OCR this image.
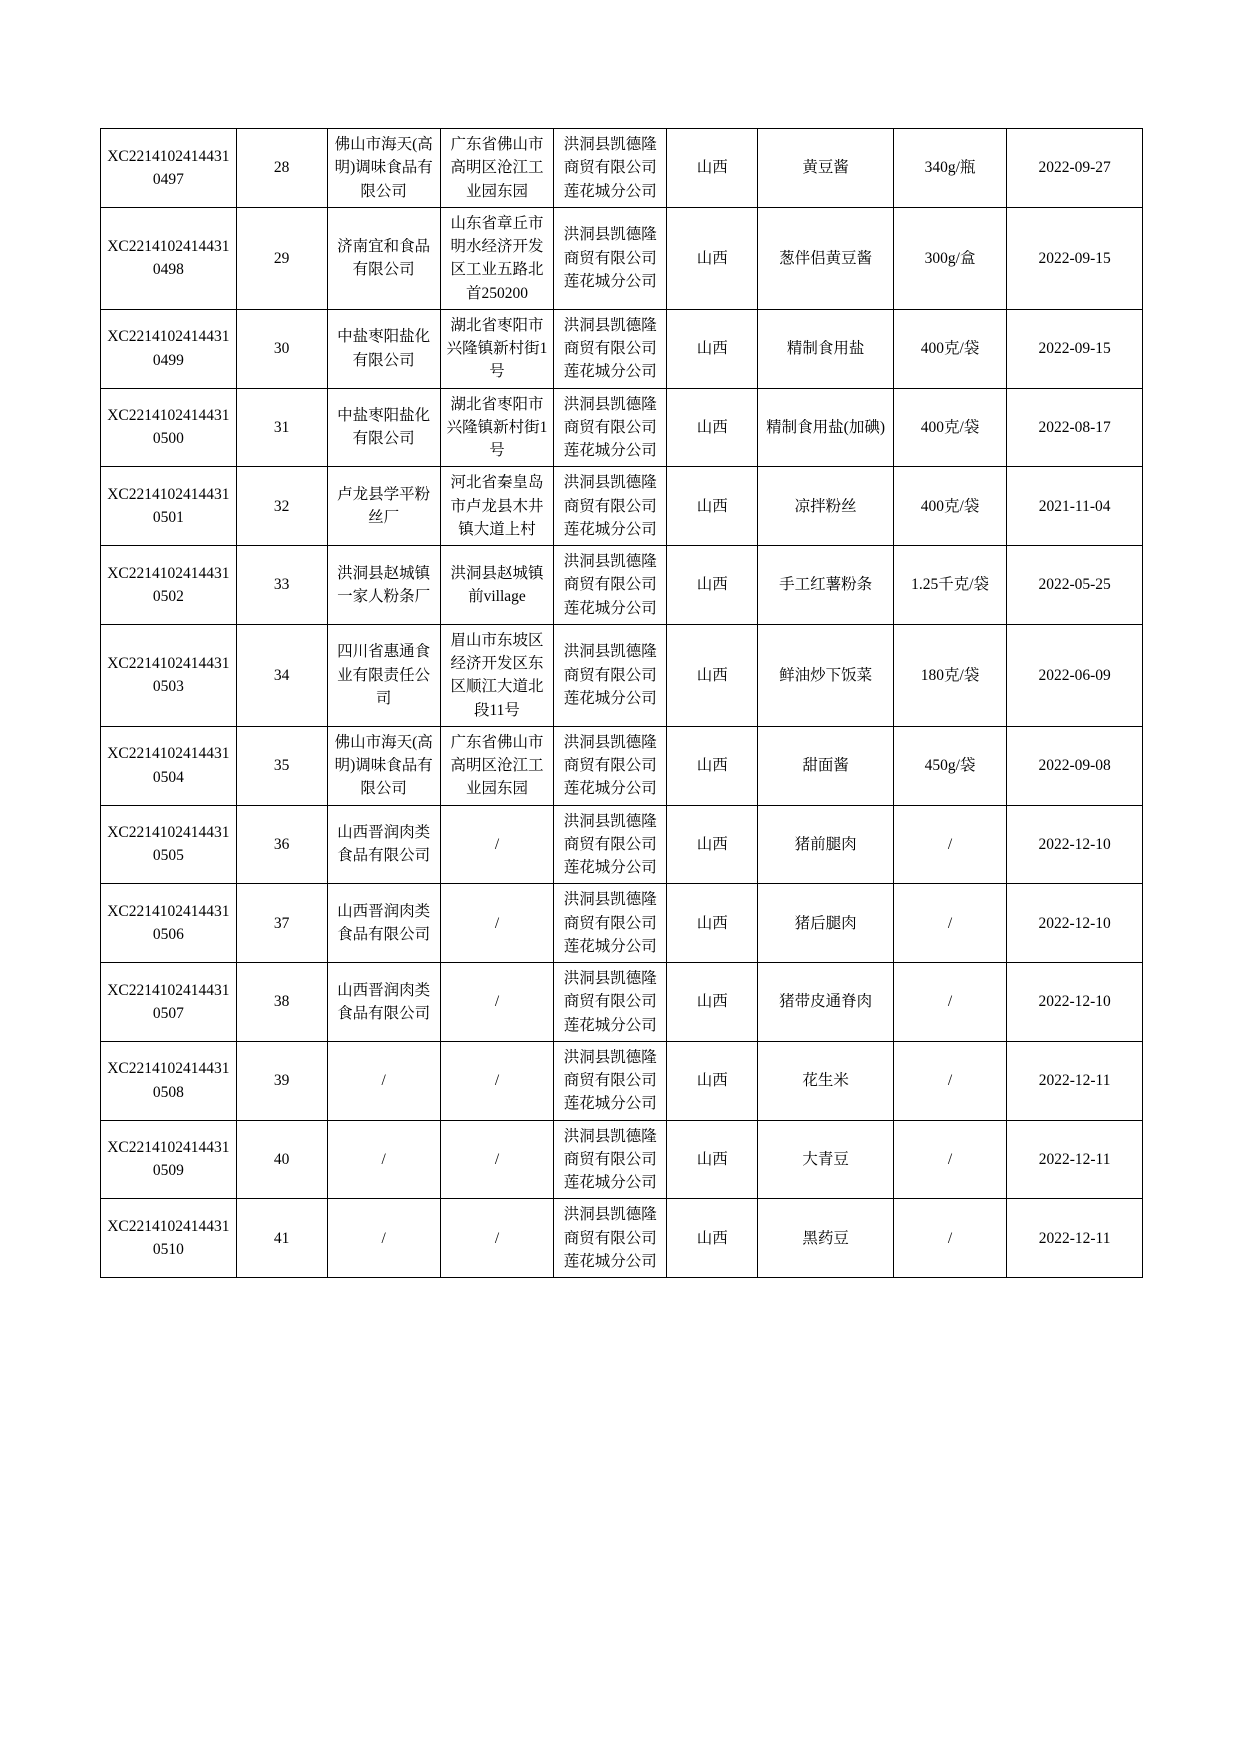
XC22141024144310497	28	佛山市海天(高明)调味食品有限公司	广东省佛山市高明区沧江工业园东园	洪洞县凯德隆商贸有限公司莲花城分公司	山西	黄豆酱	340g/瓶	2022-09-27
XC22141024144310498	29	济南宜和食品有限公司	山东省章丘市明水经济开发区工业五路北首250200	洪洞县凯德隆商贸有限公司莲花城分公司	山西	葱伴侣黄豆酱	300g/盒	2022-09-15
XC22141024144310499	30	中盐枣阳盐化有限公司	湖北省枣阳市兴隆镇新村街1号	洪洞县凯德隆商贸有限公司莲花城分公司	山西	精制食用盐	400克/袋	2022-09-15
XC22141024144310500	31	中盐枣阳盐化有限公司	湖北省枣阳市兴隆镇新村街1号	洪洞县凯德隆商贸有限公司莲花城分公司	山西	精制食用盐(加碘)	400克/袋	2022-08-17
XC22141024144310501	32	卢龙县学平粉丝厂	河北省秦皇岛市卢龙县木井镇大道上村	洪洞县凯德隆商贸有限公司莲花城分公司	山西	凉拌粉丝	400克/袋	2021-11-04
XC22141024144310502	33	洪洞县赵城镇一家人粉条厂	洪洞县赵城镇前village	洪洞县凯德隆商贸有限公司莲花城分公司	山西	手工红薯粉条	1.25千克/袋	2022-05-25
XC22141024144310503	34	四川省惠通食业有限责任公司	眉山市东坡区经济开发区东区顺江大道北段11号	洪洞县凯德隆商贸有限公司莲花城分公司	山西	鲜油炒下饭菜	180克/袋	2022-06-09
XC22141024144310504	35	佛山市海天(高明)调味食品有限公司	广东省佛山市高明区沧江工业园东园	洪洞县凯德隆商贸有限公司莲花城分公司	山西	甜面酱	450g/袋	2022-09-08
XC22141024144310505	36	山西晋润肉类食品有限公司	/	洪洞县凯德隆商贸有限公司莲花城分公司	山西	猪前腿肉	/	2022-12-10
XC22141024144310506	37	山西晋润肉类食品有限公司	/	洪洞县凯德隆商贸有限公司莲花城分公司	山西	猪后腿肉	/	2022-12-10
XC22141024144310507	38	山西晋润肉类食品有限公司	/	洪洞县凯德隆商贸有限公司莲花城分公司	山西	猪带皮通脊肉	/	2022-12-10
XC22141024144310508	39	/	/	洪洞县凯德隆商贸有限公司莲花城分公司	山西	花生米	/	2022-12-11
XC22141024144310509	40	/	/	洪洞县凯德隆商贸有限公司莲花城分公司	山西	大青豆	/	2022-12-11
XC22141024144310510	41	/	/	洪洞县凯德隆商贸有限公司莲花城分公司	山西	黑药豆	/	2022-12-11
